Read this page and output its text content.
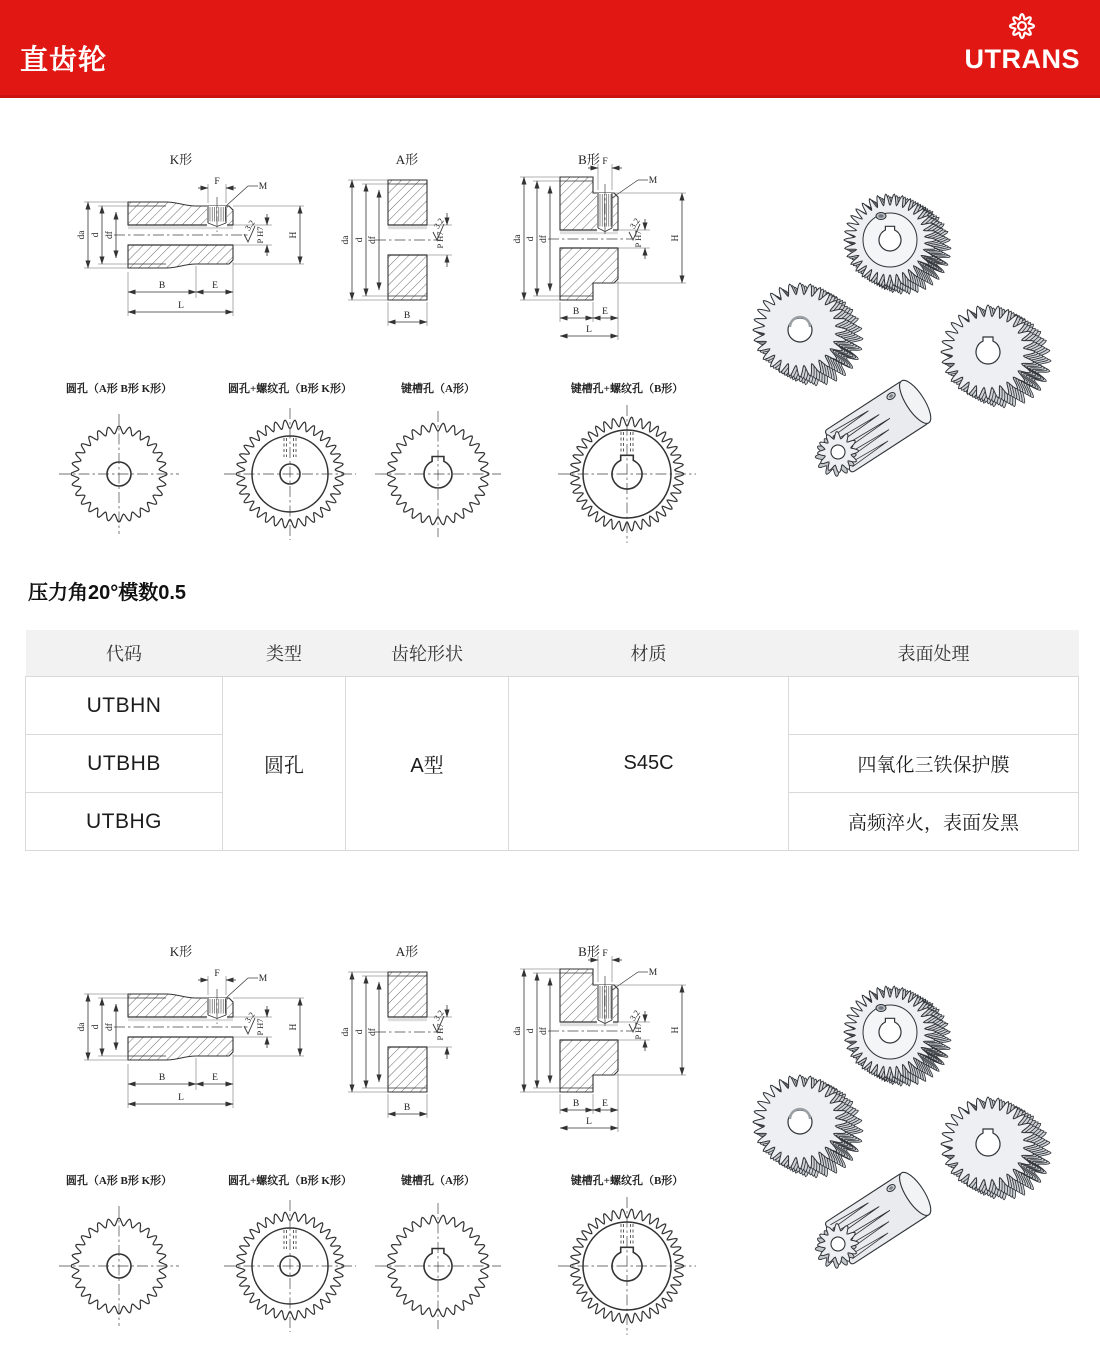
直齿轮	UTRANS
da d df
F	M
3.2
P H7	H
B	E
L
K形
da d df
3.2
P H7
B
A形
da d df
F
M
3.2
P H7	H
B E
L
B形
圆孔（A形 B形 K形）	圆孔+螺纹孔（B形 K形）	键槽孔（A形）	键槽孔+螺纹孔（B形）
压力角20°模数0.5
代码	类型	齿轮形状	材质	表面处理
UTBHN	圆孔	A型	S45C	
UTBHB				四氧化三铁保护膜
UTBHG				高频淬火，表面发黑
da d df
F	M
3.2
P H7	H
B	E
L
K形
da d df
3.2
P H7
B
A形
da d df
F
M
3.2
P H7	H
B E
L
B形
圆孔（A形 B形 K形）	圆孔+螺纹孔（B形 K形）	键槽孔（A形）	键槽孔+螺纹孔（B形）
